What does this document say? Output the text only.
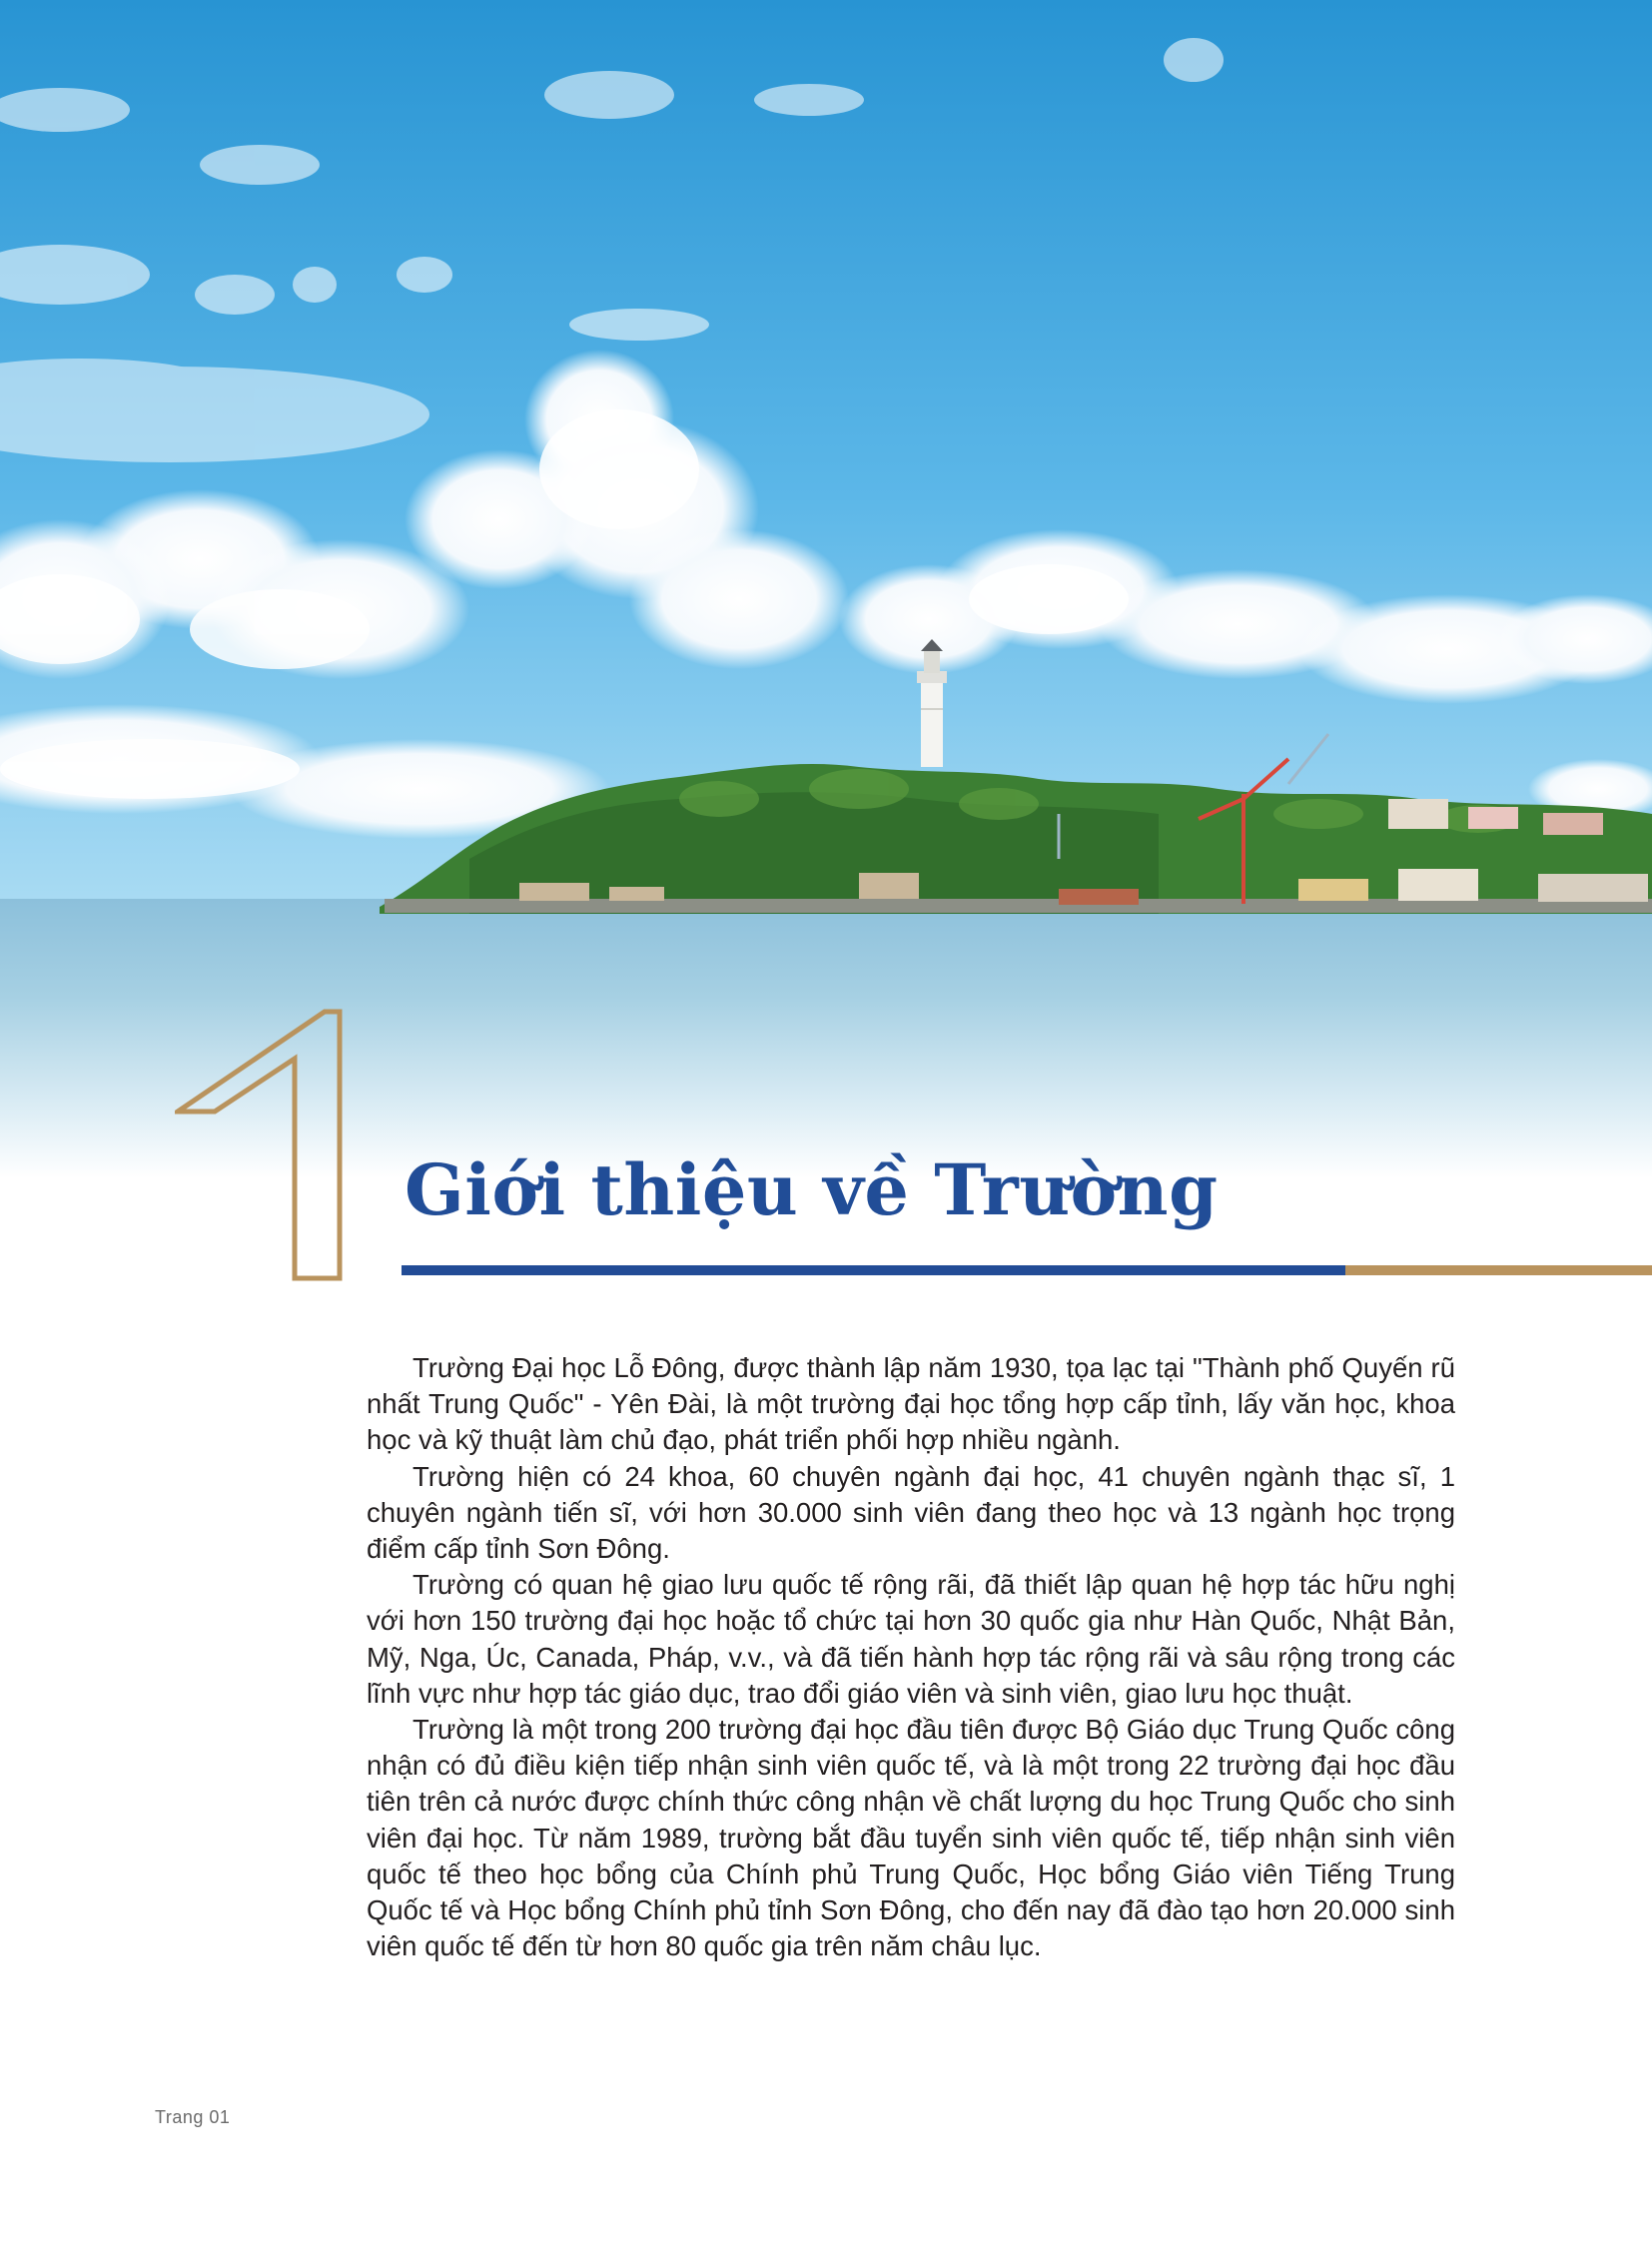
Giới thiệu về Trường

Trường Đại học Lỗ Đông, được thành lập năm 1930, tọa lạc tại "Thành phố Quyến rũ nhất Trung Quốc" - Yên Đài, là một trường đại học tổng hợp cấp tỉnh, lấy văn học, khoa học và kỹ thuật làm chủ đạo, phát triển phối hợp nhiều ngành.

Trường hiện có 24 khoa, 60 chuyên ngành đại học, 41 chuyên ngành thạc sĩ, 1 chuyên ngành tiến sĩ, với hơn 30.000 sinh viên đang theo học và 13 ngành học trọng điểm cấp tỉnh Sơn Đông.

Trường có quan hệ giao lưu quốc tế rộng rãi, đã thiết lập quan hệ hợp tác hữu nghị với hơn 150 trường đại học hoặc tổ chức tại hơn 30 quốc gia như Hàn Quốc, Nhật Bản, Mỹ, Nga, Úc, Canada, Pháp, v.v., và đã tiến hành hợp tác rộng rãi và sâu rộng trong các lĩnh vực như hợp tác giáo dục, trao đổi giáo viên và sinh viên, giao lưu học thuật.

Trường là một trong 200 trường đại học đầu tiên được Bộ Giáo dục Trung Quốc công nhận có đủ điều kiện tiếp nhận sinh viên quốc tế, và là một trong 22 trường đại học đầu tiên trên cả nước được chính thức công nhận về chất lượng du học Trung Quốc cho sinh viên đại học. Từ năm 1989, trường bắt đầu tuyển sinh viên quốc tế, tiếp nhận sinh viên quốc tế theo học bổng của Chính phủ Trung Quốc, Học bổng Giáo viên Tiếng Trung Quốc tế và Học bổng Chính phủ tỉnh Sơn Đông, cho đến nay đã đào tạo hơn 20.000 sinh viên quốc tế đến từ hơn 80 quốc gia trên năm châu lục.

Trang 01
